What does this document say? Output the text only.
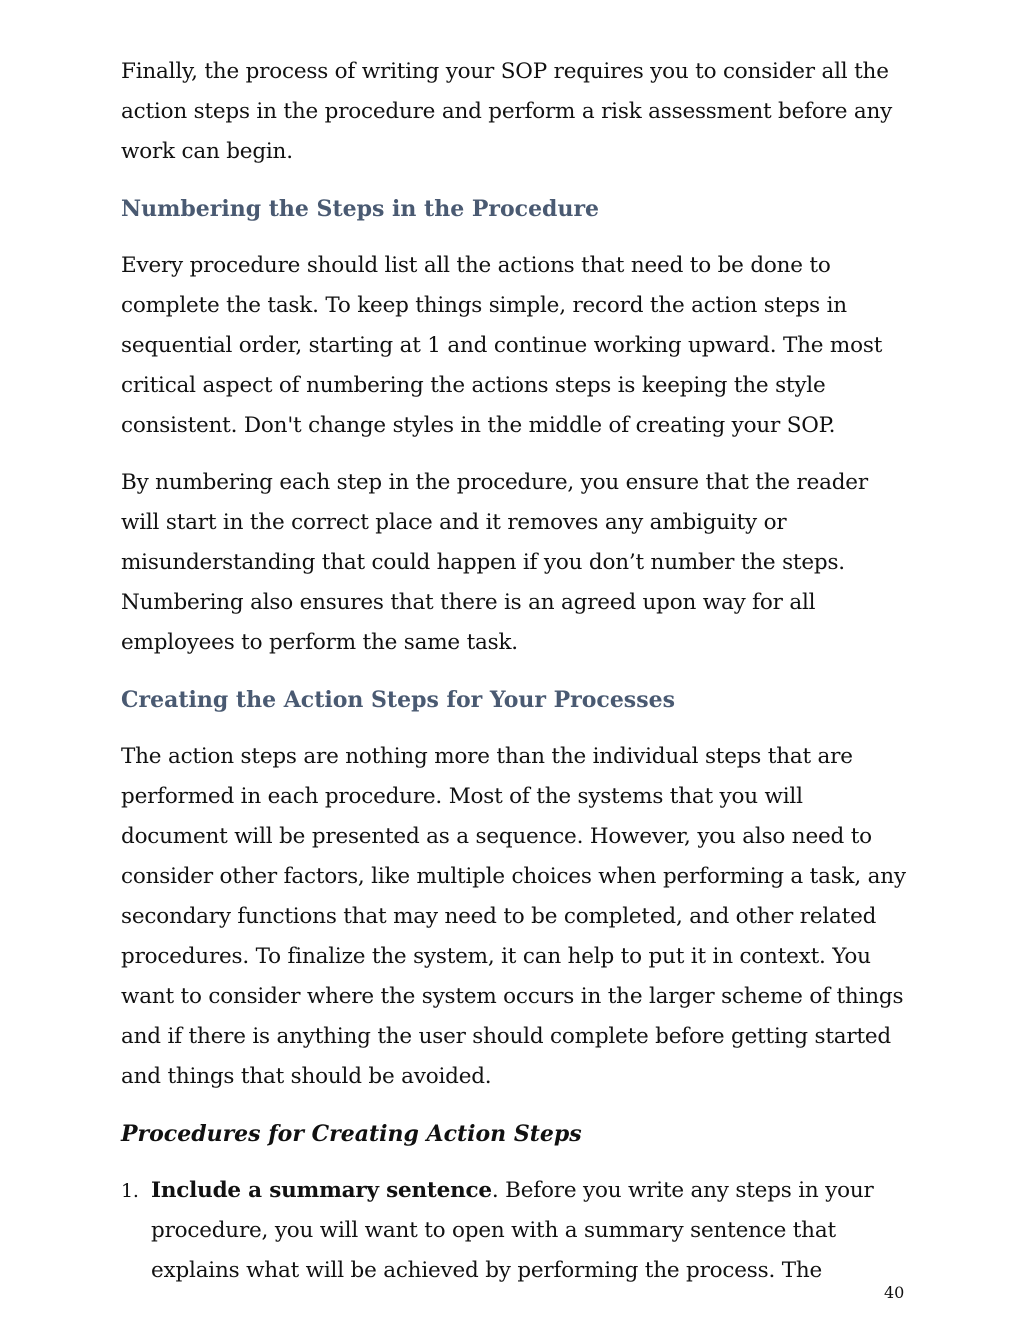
Finally, the process of writing your SOP requires you to consider all the action steps in the procedure and perform a risk assessment before any work can begin.

Numbering the Steps in the Procedure

Every procedure should list all the actions that need to be done to complete the task. To keep things simple, record the action steps in sequential order, starting at 1 and continue working upward. The most critical aspect of numbering the actions steps is keeping the style consistent. Don't change styles in the middle of creating your SOP.

By numbering each step in the procedure, you ensure that the reader will start in the correct place and it removes any ambiguity or misunderstanding that could happen if you don’t number the steps. Numbering also ensures that there is an agreed upon way for all employees to perform the same task.

Creating the Action Steps for Your Processes

The action steps are nothing more than the individual steps that are performed in each procedure. Most of the systems that you will document will be presented as a sequence. However, you also need to consider other factors, like multiple choices when performing a task, any secondary functions that may need to be completed, and other related procedures. To finalize the system, it can help to put it in context. You want to consider where the system occurs in the larger scheme of things and if there is anything the user should complete before getting started and things that should be avoided.

Procedures for Creating Action Steps
1. Include a summary sentence. Before you write any steps in your procedure, you will want to open with a summary sentence that explains what will be achieved by performing the process. The
40
